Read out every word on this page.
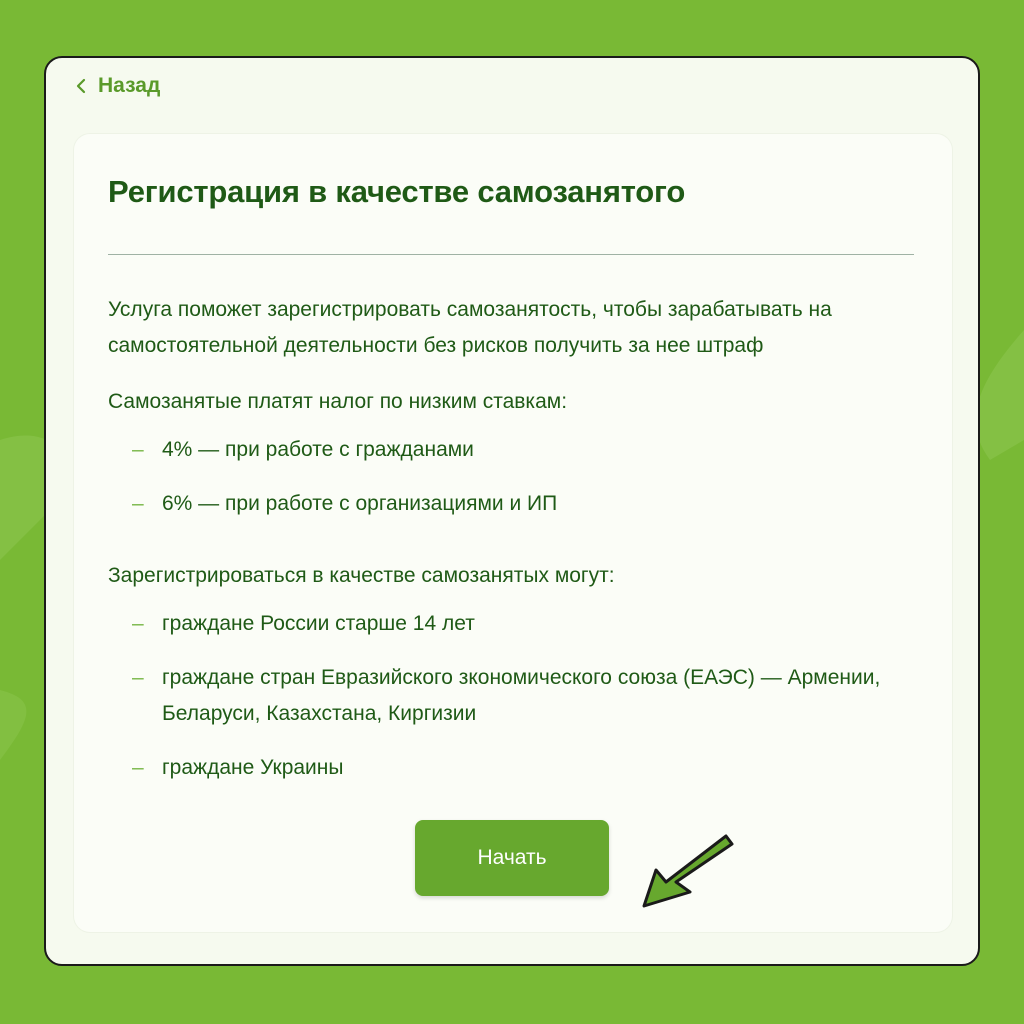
Назад
Регистрация в качестве самозанятого

Услуга поможет зарегистрировать самозанятость, чтобы зарабатывать на самостоятельной деятельности без рисков получить за нее штраф

Самозанятые платят налог по низким ставкам:

– 4% — при работе с гражданами
– 6% — при работе с организациями и ИП

Зарегистрироваться в качестве самозанятых могут:

– граждане России старше 14 лет
– граждане стран Евразийского зкономического союза (ЕАЭС) — Армении, Беларуси, Казахстана, Киргизии
– граждане Украины
Начать
